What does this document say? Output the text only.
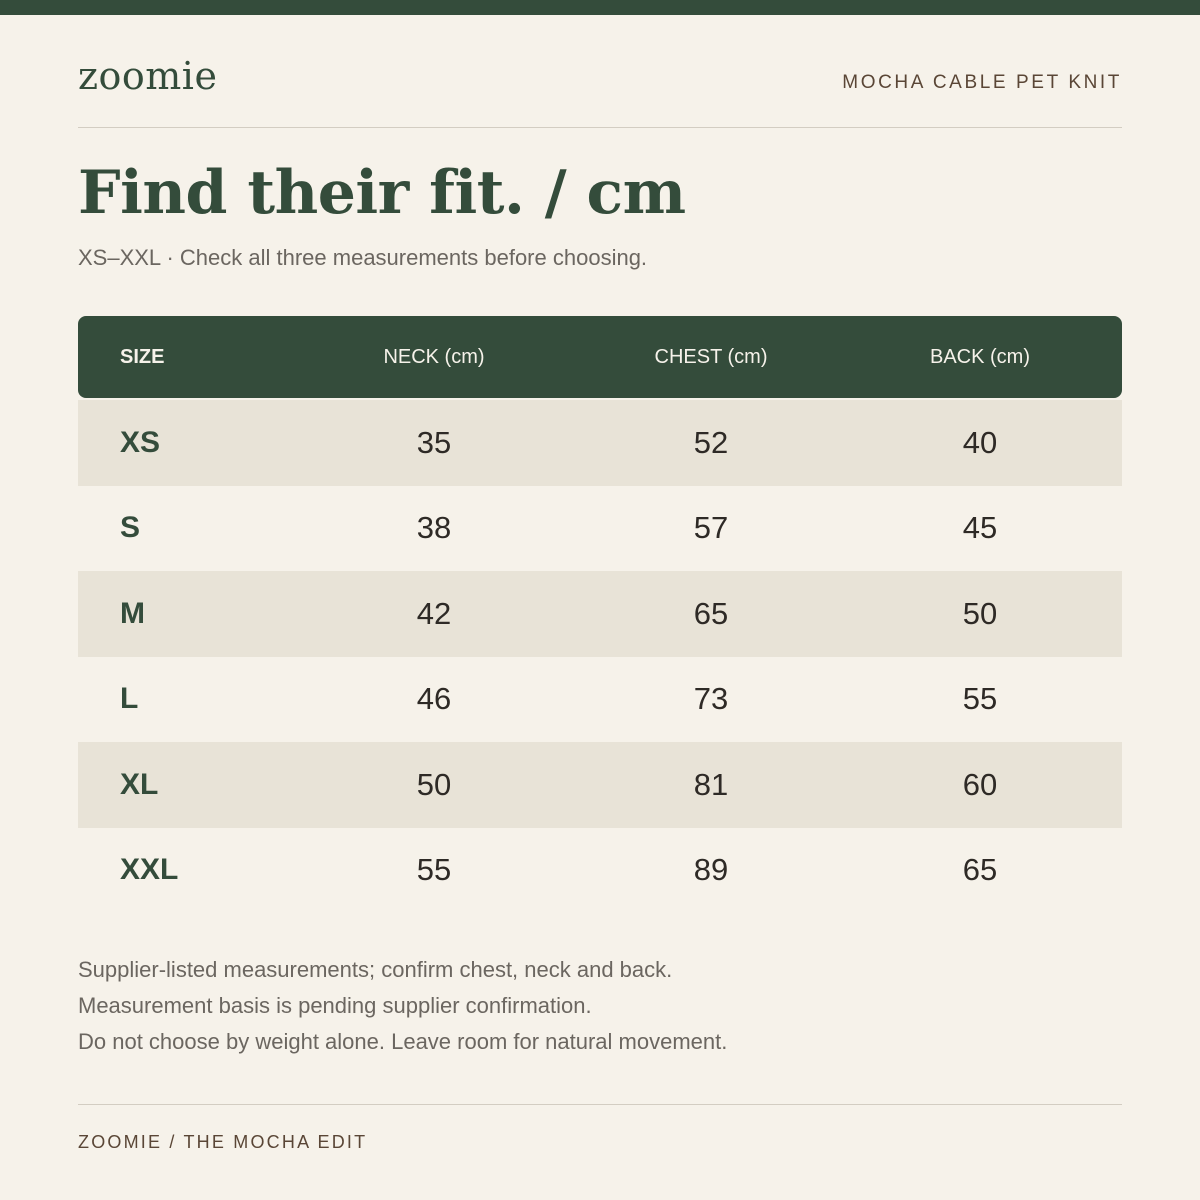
zoomie	MOCHA CABLE PET KNIT
Find their fit. / cm
XS–XXL · Check all three measurements before choosing.
SIZE	NECK (cm)	CHEST (cm)	BACK (cm)
XS	35	52	40
S	38	57	45
M	42	65	50
L	46	73	55
XL	50	81	60
XXL	55	89	65
Supplier-listed measurements; confirm chest, neck and back.
Measurement basis is pending supplier confirmation.
Do not choose by weight alone. Leave room for natural movement.
ZOOMIE / THE MOCHA EDIT
